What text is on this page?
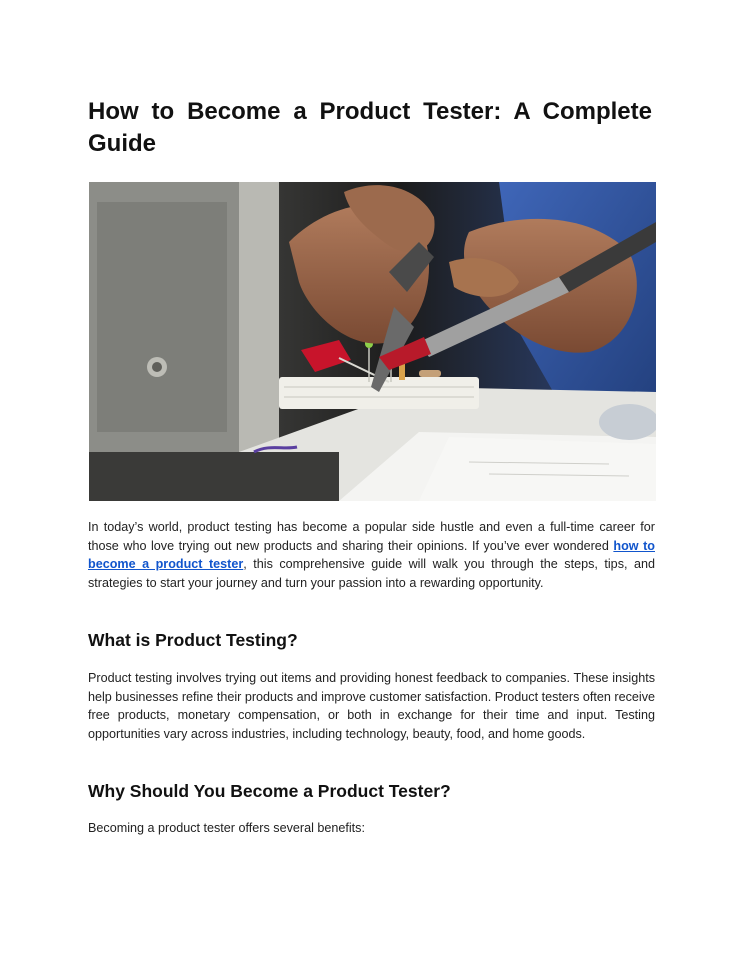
How to Become a Product Tester: A Complete Guide

In today’s world, product testing has become a popular side hustle and even a full-time career for those who love trying out new products and sharing their opinions. If you’ve ever wondered how to become a product tester, this comprehensive guide will walk you through the steps, tips, and strategies to start your journey and turn your passion into a rewarding opportunity.

What is Product Testing?

Product testing involves trying out items and providing honest feedback to companies. These insights help businesses refine their products and improve customer satisfaction. Product testers often receive free products, monetary compensation, or both in exchange for their time and input. Testing opportunities vary across industries, including technology, beauty, food, and home goods.

Why Should You Become a Product Tester?

Becoming a product tester offers several benefits:
